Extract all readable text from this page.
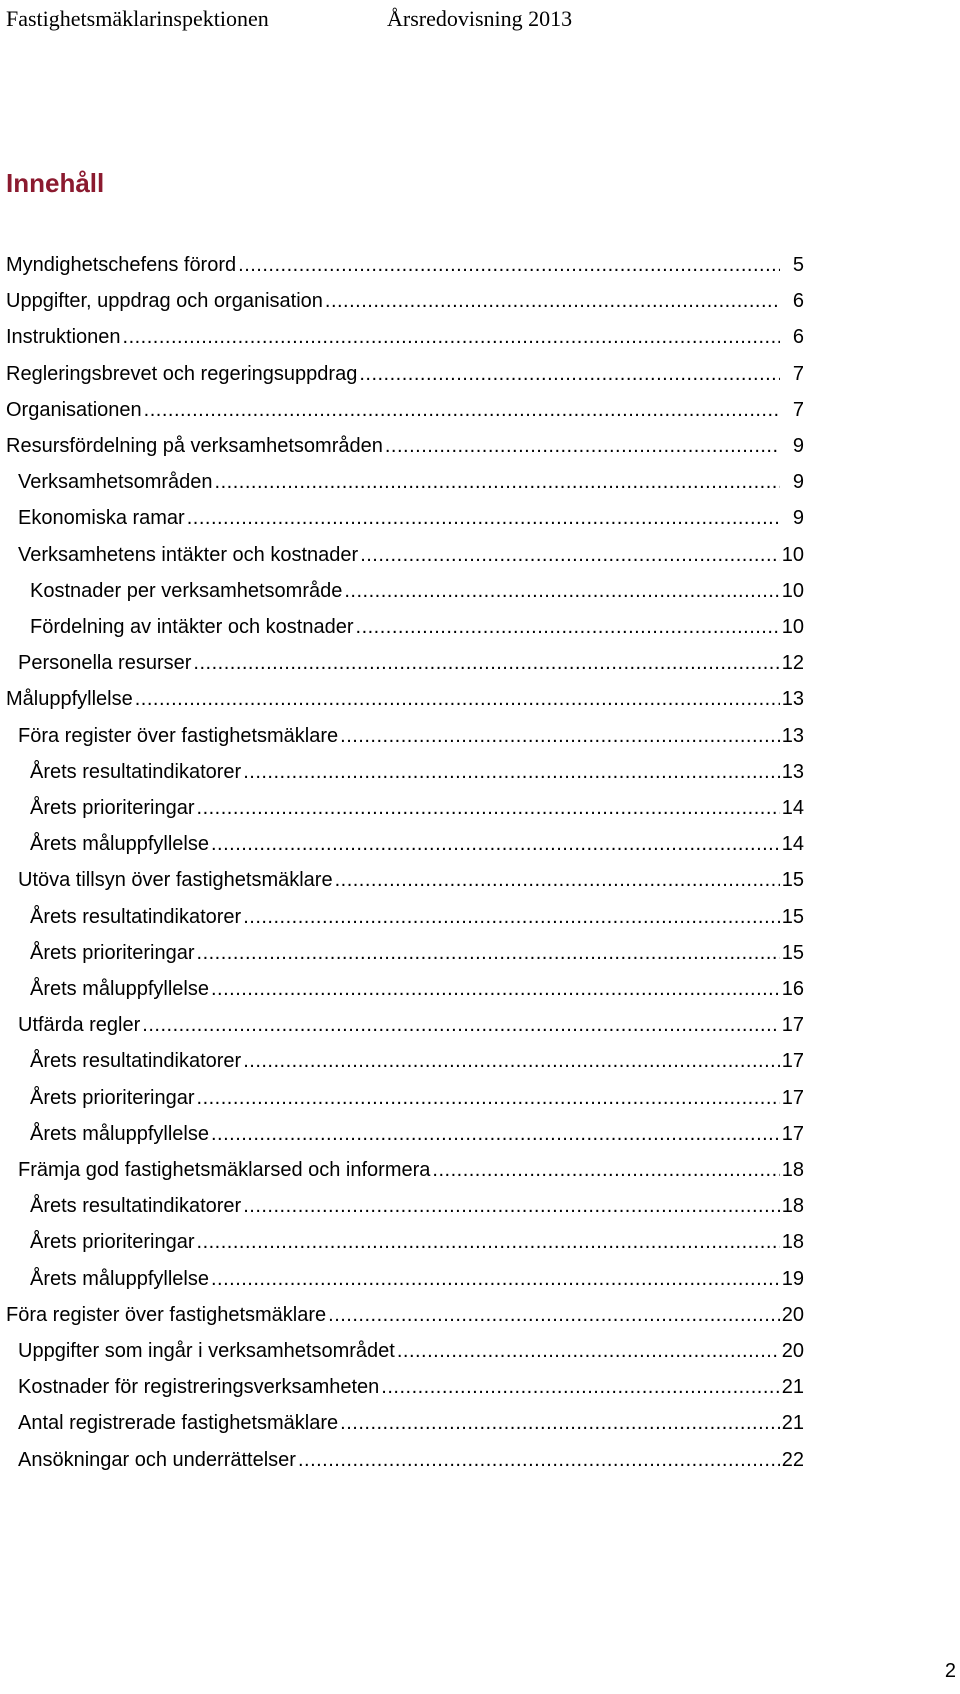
Fastighetsmäklarinspektionen	Årsredovisning 2013
Innehåll
Myndighetschefens förord .....	5
Uppgifter, uppdrag och organisation .....	6
Instruktionen .....	6
Regleringsbrevet och regeringsuppdrag .....	7
Organisationen .....	7
Resursfördelning på verksamhetsområden .....	9
Verksamhetsområden .....	9
Ekonomiska ramar .....	9
Verksamhetens intäkter och kostnader .....	10
Kostnader per verksamhetsområde .....	10
Fördelning av intäkter och kostnader .....	10
Personella resurser .....	12
Måluppfyllelse .....	13
Föra register över fastighetsmäklare .....	13
Årets resultatindikatorer .....	13
Årets prioriteringar .....	14
Årets måluppfyllelse .....	14
Utöva tillsyn över fastighetsmäklare .....	15
Årets resultatindikatorer .....	15
Årets prioriteringar .....	15
Årets måluppfyllelse .....	16
Utfärda regler .....	17
Årets resultatindikatorer .....	17
Årets prioriteringar .....	17
Årets måluppfyllelse .....	17
Främja god fastighetsmäklarsed och informera .....	18
Årets resultatindikatorer .....	18
Årets prioriteringar .....	18
Årets måluppfyllelse .....	19
Föra register över fastighetsmäklare .....	20
Uppgifter som ingår i verksamhetsområdet .....	20
Kostnader för registreringsverksamheten .....	21
Antal registrerade fastighetsmäklare .....	21
Ansökningar och underrättelser .....	22
2
